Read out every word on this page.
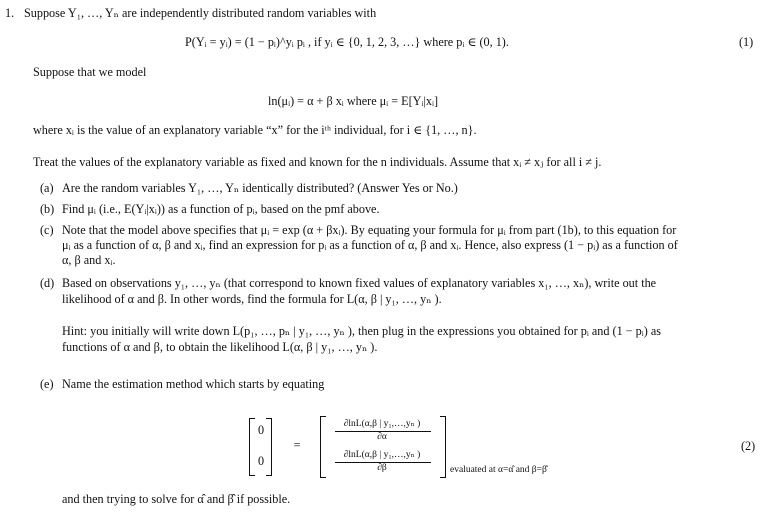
1. Suppose Y₁, …, Yₙ are independently distributed random variables with
P(Yᵢ = yᵢ) = (1 − pᵢ)^yᵢ pᵢ , if yᵢ ∈ {0, 1, 2, 3, …} where pᵢ ∈ (0, 1).	(1)
Suppose that we model
ln(μᵢ) = α + β xᵢ where μᵢ = E[Yᵢ|xᵢ]
where xᵢ is the value of an explanatory variable “x” for the iᵗʰ individual, for i ∈ {1, …, n}.
Treat the values of the explanatory variable as fixed and known for the n individuals. Assume that xᵢ ≠ xⱼ for all i ≠ j.
(a) Are the random variables Y₁, …, Yₙ identically distributed? (Answer Yes or No.)
(b) Find μᵢ (i.e., E(Yᵢ|xᵢ)) as a function of pᵢ, based on the pmf above.
(c) Note that the model above specifies that μᵢ = exp (α + βxᵢ). By equating your formula for μᵢ from part (1b), to this equation for
μᵢ as a function of α, β and xᵢ, find an expression for pᵢ as a function of α, β and xᵢ. Hence, also express (1 − pᵢ) as a function of
α, β and xᵢ.
(d) Based on observations y₁, …, yₙ (that correspond to known fixed values of explanatory variables x₁, …, xₙ), write out the
likelihood of α and β. In other words, find the formula for L(α, β | y₁, …, yₙ ).
Hint: you initially will write down L(p₁, …, pₙ | y₁, …, yₙ ), then plug in the expressions you obtained for pᵢ and (1 − pᵢ) as
functions of α and β, to obtain the likelihood L(α, β | y₁, …, yₙ ).
(e) Name the estimation method which starts by equating
0
0
=
∂lnL(α,β | y₁,…,yₙ )
∂α
∂lnL(α,β | y₁,…,yₙ )
∂β	evaluated at α=α̂ and β=β̂
(2)
and then trying to solve for α̂ and β̂ if possible.
